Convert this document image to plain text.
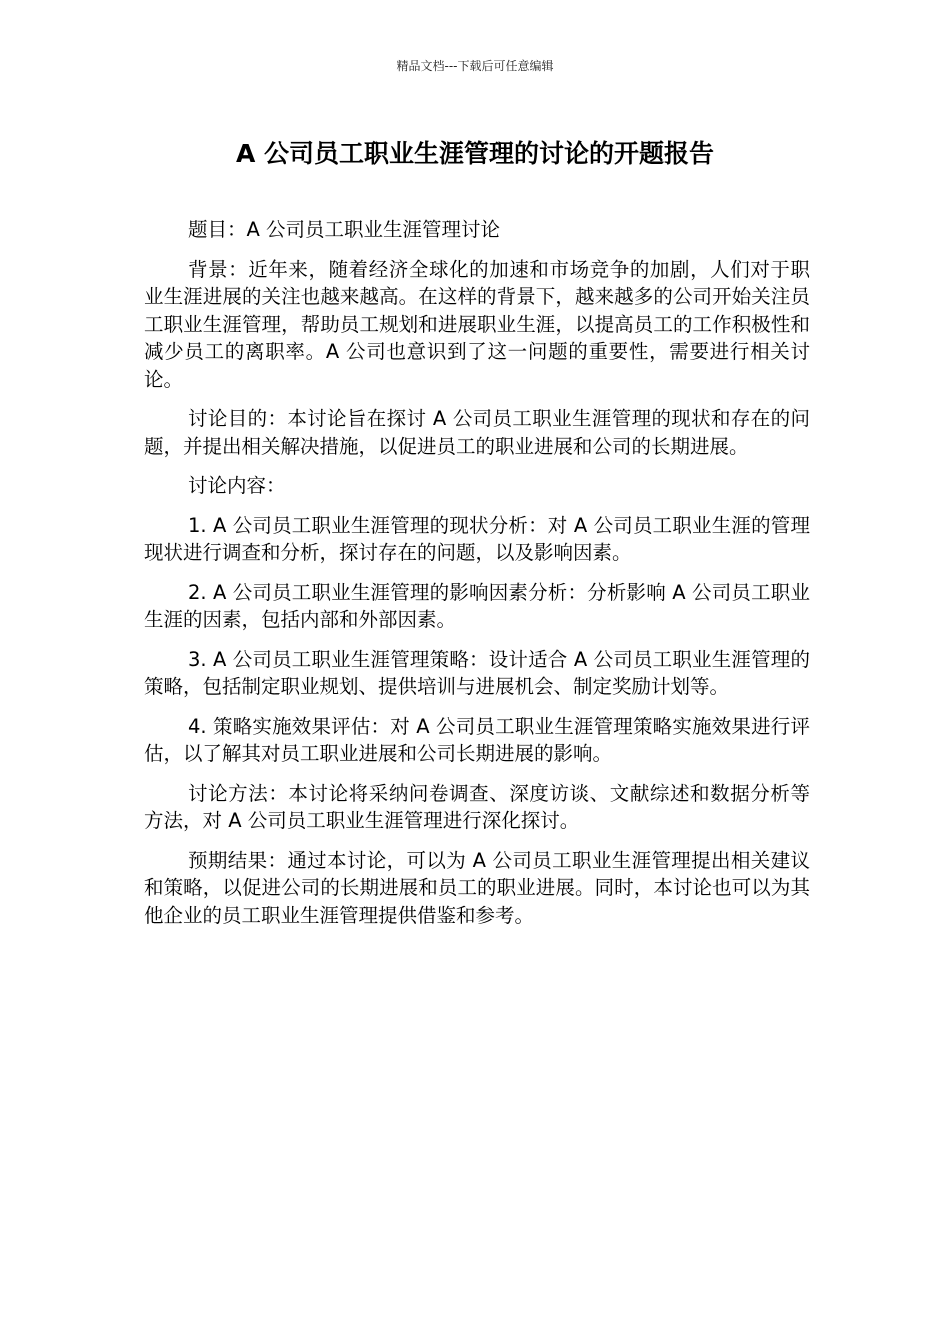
精品文档---下载后可任意编辑
A 公司员工职业生涯管理的讨论的开题报告

题目：A 公司员工职业生涯管理讨论

背景：近年来，随着经济全球化的加速和市场竞争的加剧，人们对于职业生涯进展的关注也越来越高。在这样的背景下，越来越多的公司开始关注员工职业生涯管理，帮助员工规划和进展职业生涯，以提高员工的工作积极性和减少员工的离职率。A 公司也意识到了这一问题的重要性，需要进行相关讨论。

讨论目的：本讨论旨在探讨 A 公司员工职业生涯管理的现状和存在的问题，并提出相关解决措施，以促进员工的职业进展和公司的长期进展。

讨论内容：

1. A 公司员工职业生涯管理的现状分析：对 A 公司员工职业生涯的管理现状进行调查和分析，探讨存在的问题，以及影响因素。

2. A 公司员工职业生涯管理的影响因素分析：分析影响 A 公司员工职业生涯的因素，包括内部和外部因素。

3. A 公司员工职业生涯管理策略：设计适合 A 公司员工职业生涯管理的策略，包括制定职业规划、提供培训与进展机会、制定奖励计划等。

4. 策略实施效果评估：对 A 公司员工职业生涯管理策略实施效果进行评估，以了解其对员工职业进展和公司长期进展的影响。

讨论方法：本讨论将采纳问卷调查、深度访谈、文献综述和数据分析等方法，对 A 公司员工职业生涯管理进行深化探讨。

预期结果：通过本讨论，可以为 A 公司员工职业生涯管理提出相关建议和策略，以促进公司的长期进展和员工的职业进展。同时，本讨论也可以为其他企业的员工职业生涯管理提供借鉴和参考。
